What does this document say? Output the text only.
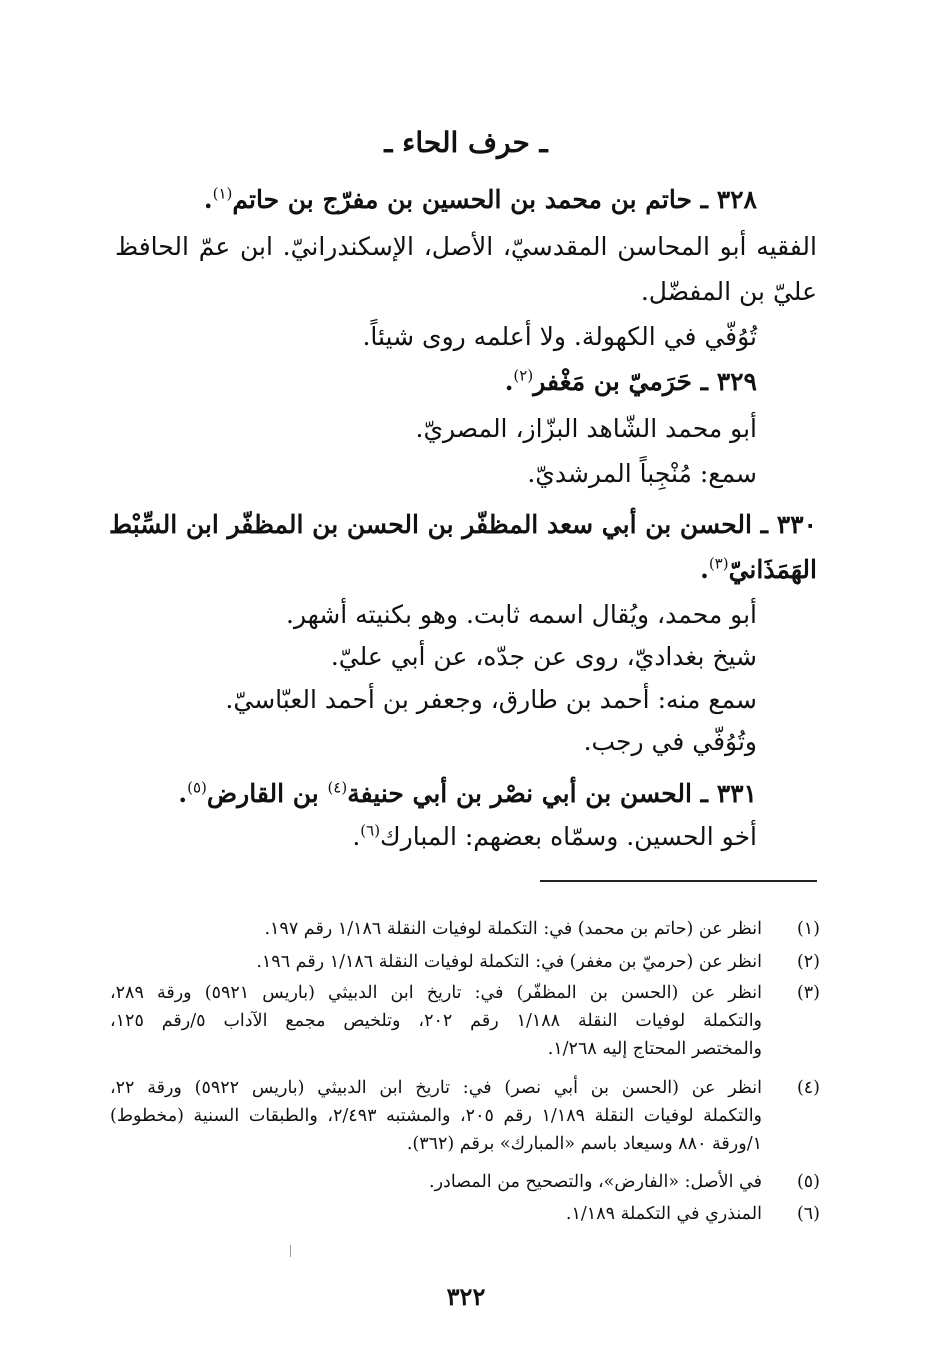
ـ حرف الحاء ـ
٣٢٨ ـ حاتم بن محمد بن الحسين بن مفرّج بن حاتم$^{(١)}$.
الفقيه أبو المحاسن المقدسيّ، الأصل، الإسكندرانيّ. ابن عمّ الحافظ
عليّ بن المفضّل.
تُوُفّي في الكهولة. ولا أعلمه روى شيئاً.
٣٢٩ ـ حَرَميّ بن مَغْفر$^{(٢)}$.
أبو محمد الشّاهد البزّاز، المصريّ.
سمع: مُنْجِباً المرشديّ.
٣٣٠ ـ الحسن بن أبي سعد المظفّر بن الحسن بن المظفّر ابن السِّبْط
الهَمَذَانيّ$^{(٣)}$.
أبو محمد، ويُقال اسمه ثابت. وهو بكنيته أشهر.
شيخ بغداديّ، روى عن جدّه، عن أبي عليّ.
سمع منه: أحمد بن طارق، وجعفر بن أحمد العبّاسيّ.
وتُوُفّي في رجب.
٣٣١ ـ الحسن بن أبي نصْر بن أبي حنيفة$^{(٤)}$ بن القارض$^{(٥)}$.
أخو الحسين. وسمّاه بعضهم: المبارك$^{(٦)}$.
(١)
انظر عن (حاتم بن محمد) في: التكملة لوفيات النقلة ١/١٨٦ رقم ١٩٧.
(٢)
انظر عن (حرميّ بن مغفر) في: التكملة لوفيات النقلة ١/١٨٦ رقم ١٩٦.
(٣)
انظر عن (الحسن بن المظفّر) في: تاريخ ابن الدبيثي (باريس ٥٩٢١) ورقة ٢٨٩،
والتكملة لوفيات النقلة ١/١٨٨ رقم ٢٠٢، وتلخيص مجمع الآداب ٥/رقم ١٢٥،
والمختصر المحتاج إليه ١/٢٦٨.
(٤)
انظر عن (الحسن بن أبي نصر) في: تاريخ ابن الدبيثي (باريس ٥٩٢٢) ورقة ٢٢،
والتكملة لوفيات النقلة ١/١٨٩ رقم ٢٠٥، والمشتبه ٢/٤٩٣، والطبقات السنية (مخطوط)
١/ورقة ٨٨٠ وسيعاد باسم «المبارك» برقم (٣٦٢).
(٥)
في الأصل: «الفارض»، والتصحيح من المصادر.
(٦)
المنذري في التكملة ١/١٨٩.
٣٢٢
